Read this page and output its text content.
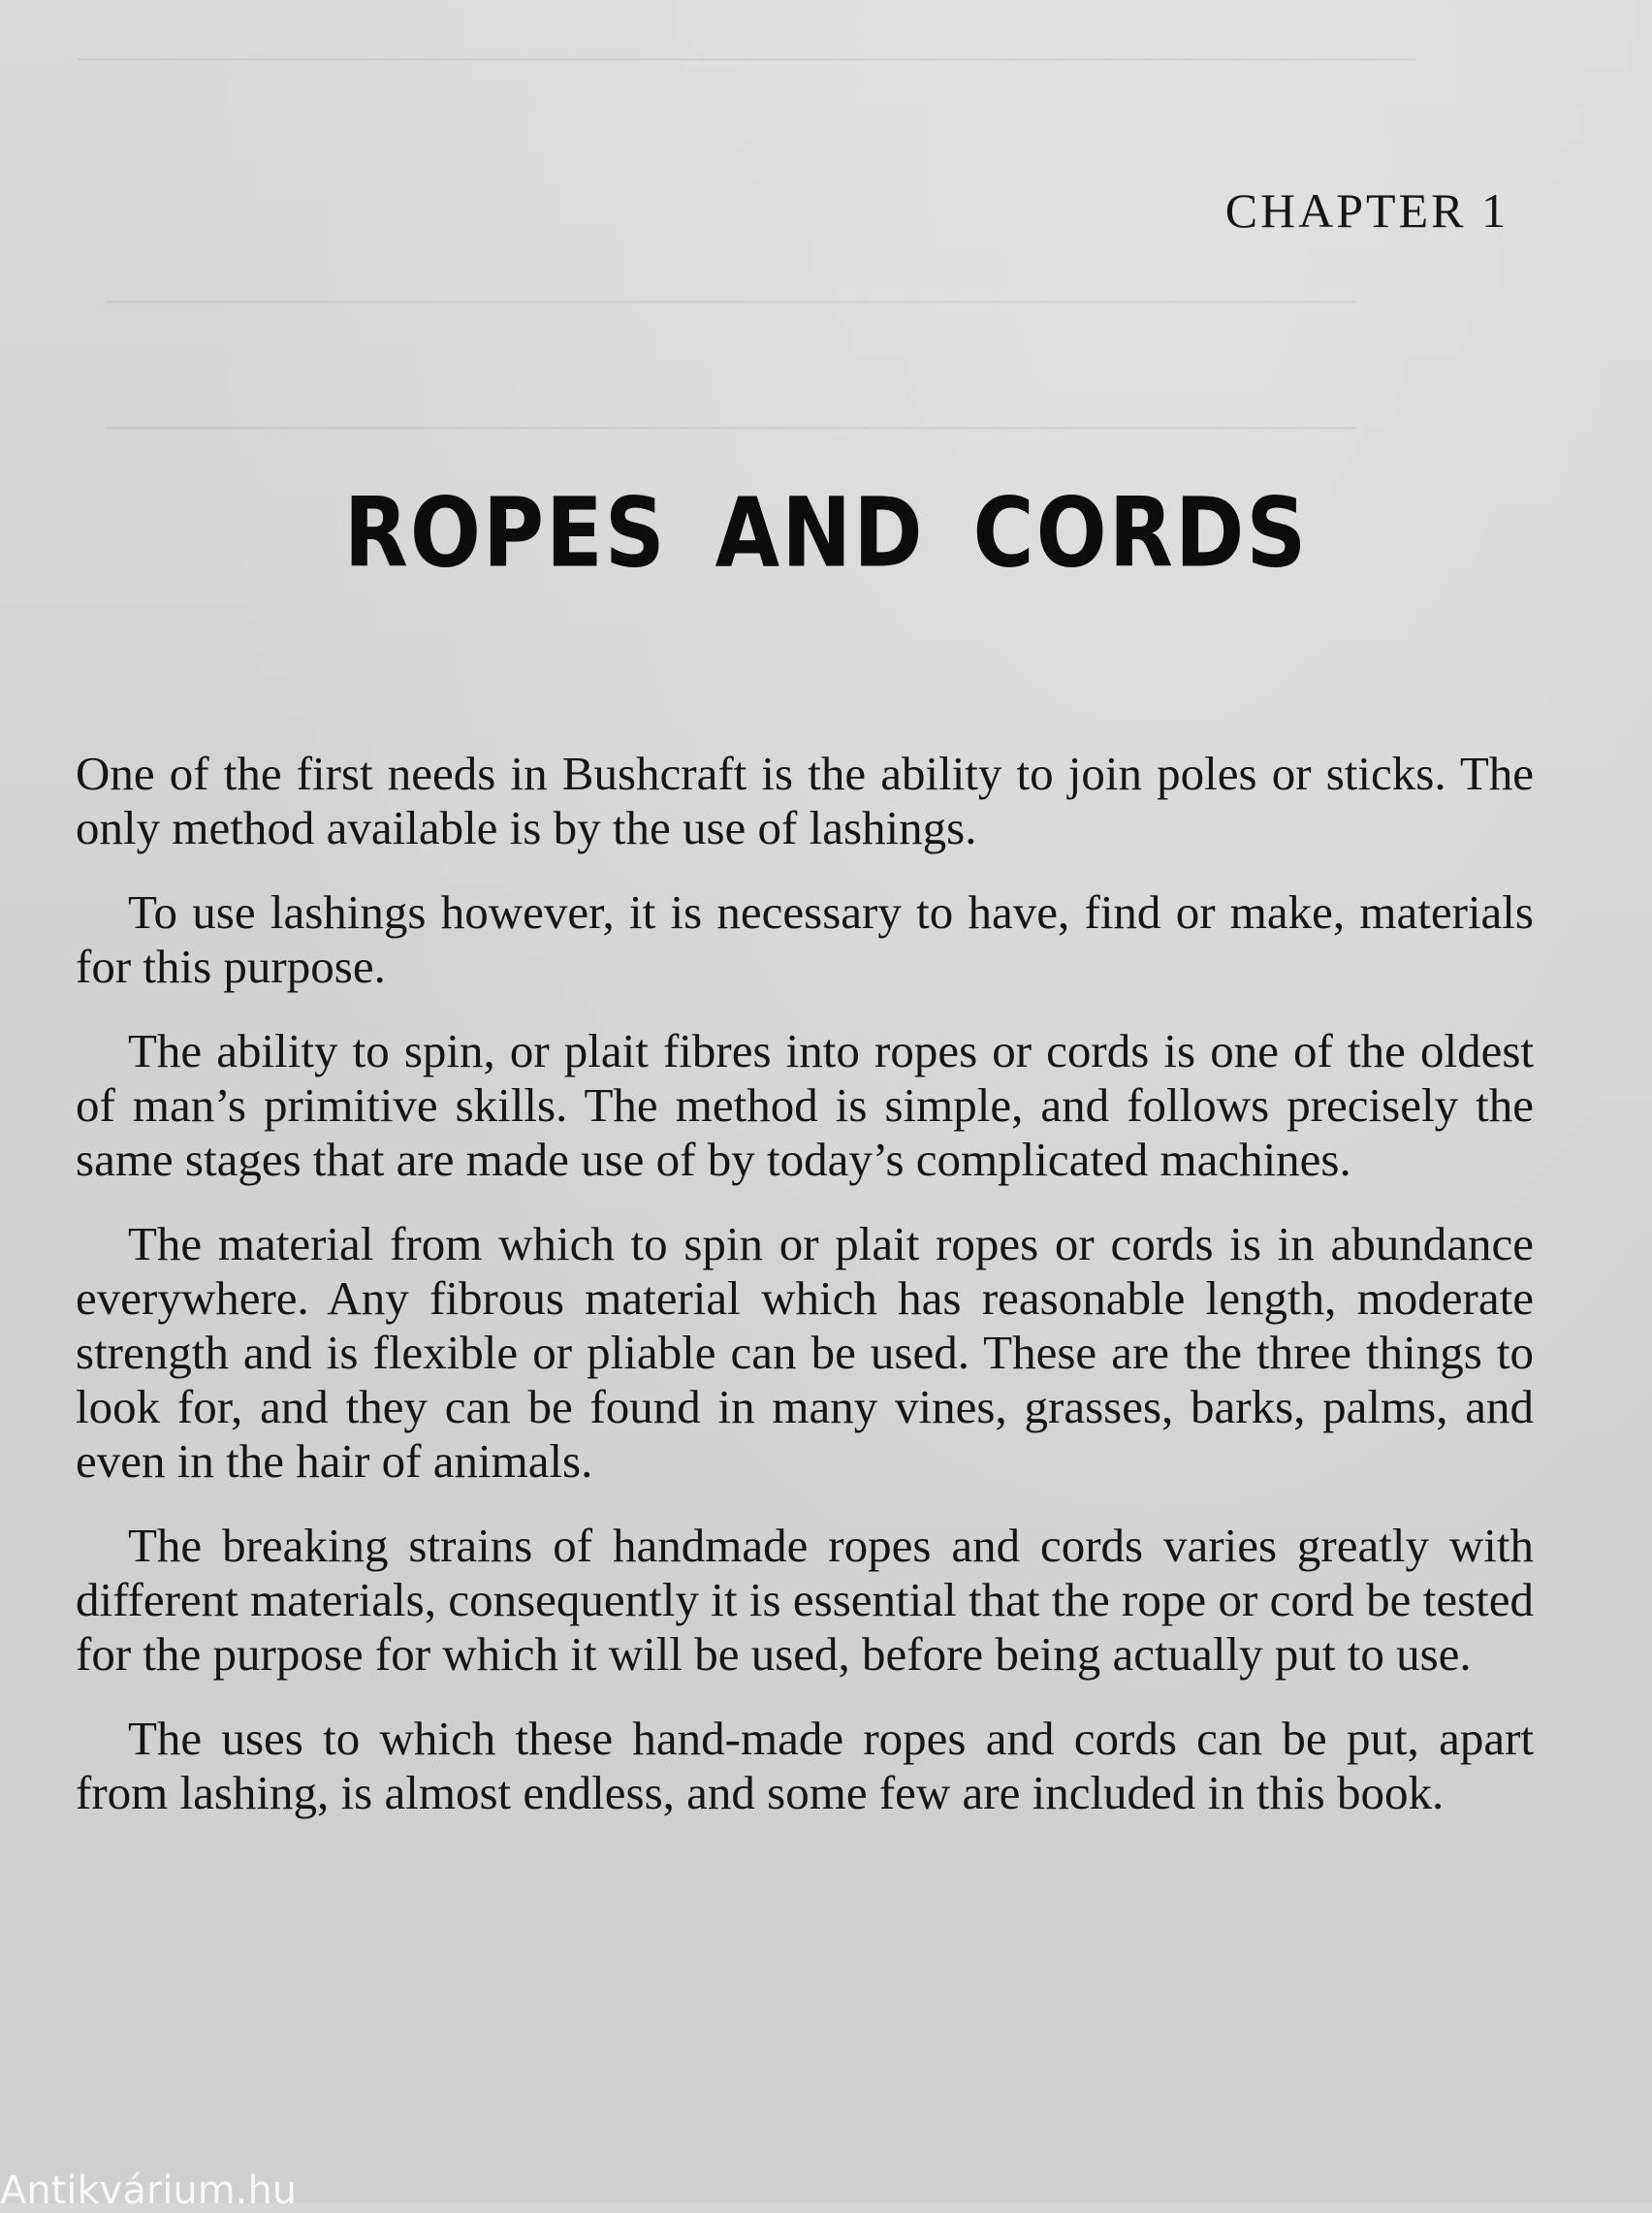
——————————————————————————————
————————————————————————————
————————————————————————————
CHAPTER 1
ROPES AND CORDS

One of the first needs in Bushcraft is the ability to join poles or sticks. The only method available is by the use of lashings.

To use lashings however, it is necessary to have, find or make, materials for this purpose.

The ability to spin, or plait fibres into ropes or cords is one of the oldest of man’s primitive skills. The method is simple, and follows precisely the same stages that are made use of by today’s complicated machines.

The material from which to spin or plait ropes or cords is in abundance everywhere. Any fibrous material which has reasonable length, moderate strength and is flexible or pliable can be used. These are the three things to look for, and they can be found in many vines, grasses, barks, palms, and even in the hair of animals.

The breaking strains of handmade ropes and cords varies greatly with different materials, consequently it is essential that the rope or cord be tested for the purpose for which it will be used, before being actually put to use.

The uses to which these hand-made ropes and cords can be put, apart from lashing, is almost endless, and some few are included in this book.

Antikvárium.hu
